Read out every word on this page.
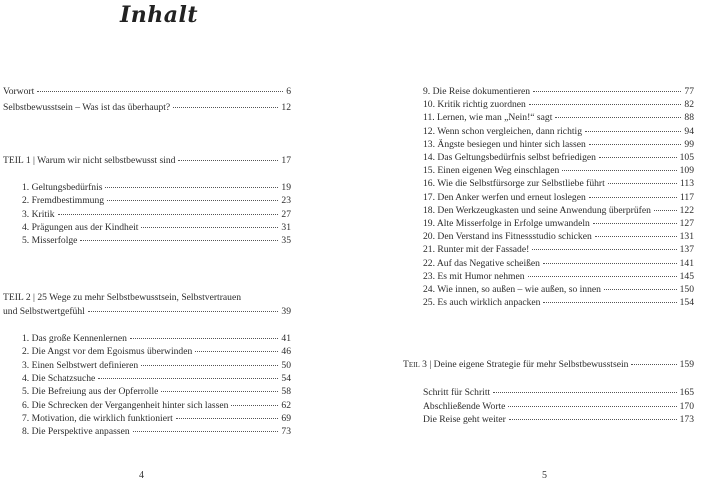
Inhalt
TEIL 1 | Warum wir nicht selbstbewusst sind	17
TEIL 2 | 25 Wege zu mehr Selbstbewusstsein, Selbstvertrauen
und Selbstwertgefühl	39
4
Teil 3 | Deine eigene Strategie für mehr Selbstbewusstsein	159
5
Vorwort	6
Selbstbewusstsein – Was ist das überhaupt?	12
1. Geltungsbedürfnis	19
2. Fremdbestimmung	23
3. Kritik	27
4. Prägungen aus der Kindheit	31
5. Misserfolge	35
1. Das große Kennenlernen	41
2. Die Angst vor dem Egoismus überwinden	46
3. Einen Selbstwert definieren	50
4. Die Schatzsuche	54
5. Die Befreiung aus der Opferrolle	58
6. Die Schrecken der Vergangenheit hinter sich lassen	62
7. Motivation, die wirklich funktioniert	69
8. Die Perspektive anpassen	73
9. Die Reise dokumentieren	77
10. Kritik richtig zuordnen	82
11. Lernen, wie man „Nein!“ sagt	88
12. Wenn schon vergleichen, dann richtig	94
13. Ängste besiegen und hinter sich lassen	99
14. Das Geltungsbedürfnis selbst befriedigen	105
15. Einen eigenen Weg einschlagen	109
16. Wie die Selbstfürsorge zur Selbstliebe führt	113
17. Den Anker werfen und erneut loslegen	117
18. Den Werkzeugkasten und seine Anwendung überprüfen	122
19. Alte Misserfolge in Erfolge umwandeln	127
20. Den Verstand ins Fitnessstudio schicken	131
21. Runter mit der Fassade!	137
22. Auf das Negative scheißen	141
23. Es mit Humor nehmen	145
24. Wie innen, so außen – wie außen, so innen	150
25. Es auch wirklich anpacken	154
Schritt für Schritt	165
Abschließende Worte	170
Die Reise geht weiter	173
